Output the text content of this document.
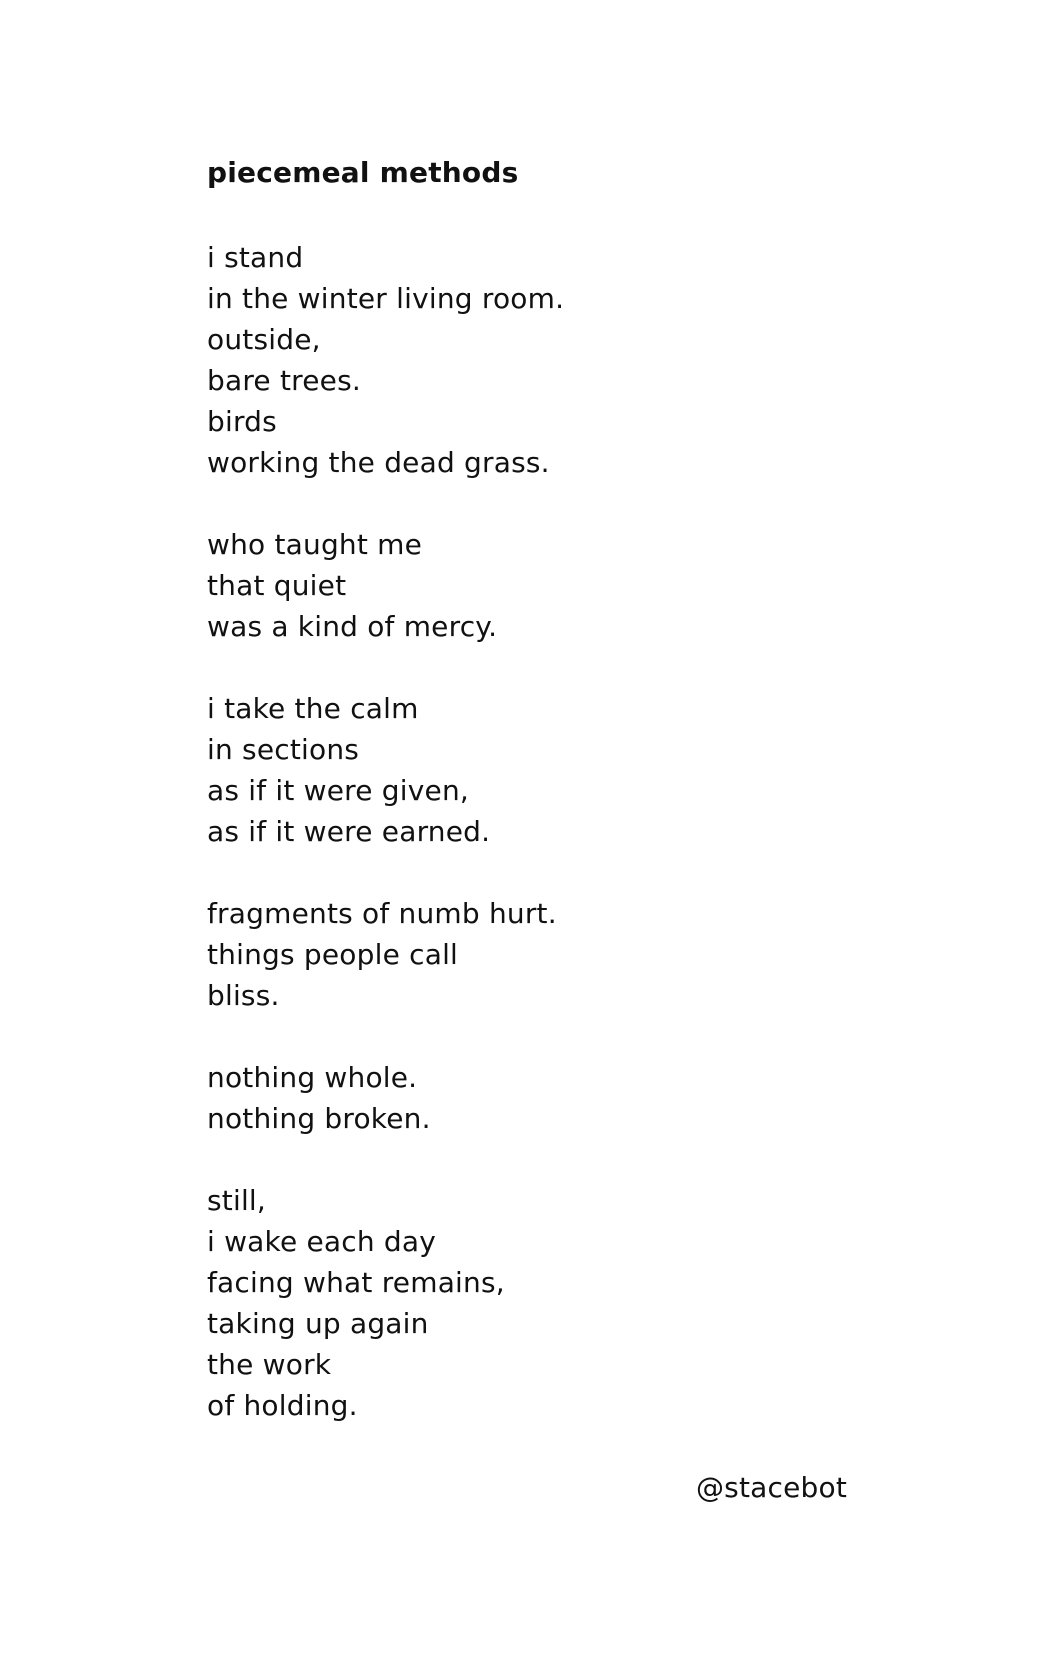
piecemeal methods
i stand
in the winter living room.
outside,
bare trees.
birds
working the dead grass.
who taught me
that quiet
was a kind of mercy.
i take the calm
in sections
as if it were given,
as if it were earned.
fragments of numb hurt.
things people call
bliss.
nothing whole.
nothing broken.
still,
i wake each day
facing what remains,
taking up again
the work
of holding.
@stacebot
